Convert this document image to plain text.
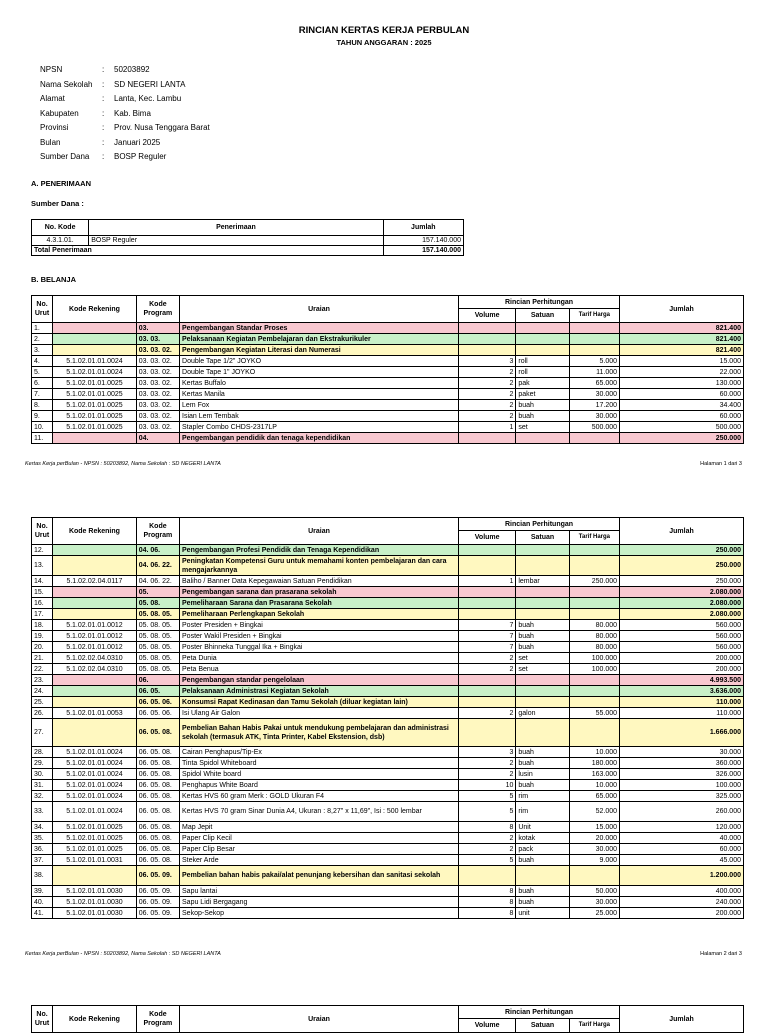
RINCIAN KERTAS KERJA PERBULAN
TAHUN ANGGARAN : 2025
NPSN	:	50203892
Nama Sekolah	:	SD NEGERI LANTA
Alamat	:	Lanta, Kec. Lambu
Kabupaten	:	Kab. Bima
Provinsi	:	Prov. Nusa Tenggara Barat
Bulan	:	Januari 2025
Sumber Dana	:	BOSP Reguler
A. PENERIMAAN
Sumber Dana :
No. Kode	Penerimaan	Jumlah
4.3.1.01.	BOSP Reguler	157.140.000
Total Penerimaan		157.140.000
B. BELANJA
No. Urut	Kode Rekening	Kode Program	Uraian	Rincian Perhitungan			Jumlah
				Volume	Satuan	Tarif Harga	
1.		03.	Pengembangan Standar Proses				821.400
2.		03. 03.	Pelaksanaan Kegiatan Pembelajaran dan Ekstrakurikuler				821.400
3.		03. 03. 02.	Pengembangan Kegiatan Literasi dan Numerasi				821.400
4.	5.1.02.01.01.0024	03. 03. 02.	Double Tape 1/2" JOYKO	3	roll	5.000	15.000
5.	5.1.02.01.01.0024	03. 03. 02.	Double Tape 1" JOYKO	2	roll	11.000	22.000
6.	5.1.02.01.01.0025	03. 03. 02.	Kertas Buffalo	2	pak	65.000	130.000
7.	5.1.02.01.01.0025	03. 03. 02.	Kertas Manila	2	paket	30.000	60.000
8.	5.1.02.01.01.0025	03. 03. 02.	Lem Fox	2	buah	17.200	34.400
9.	5.1.02.01.01.0025	03. 03. 02.	Isian Lem Tembak	2	buah	30.000	60.000
10.	5.1.02.01.01.0025	03. 03. 02.	Stapler Combo CHDS-2317LP	1	set	500.000	500.000
11.		04.	Pengembangan pendidik dan tenaga kependidikan				250.000
Kertas Kerja perBulan - NPSN : 50203892, Nama Sekolah : SD NEGERI LANTA	Halaman 1 dari 3
No. Urut	Kode Rekening	Kode Program	Uraian	Rincian Perhitungan			Jumlah
				Volume	Satuan	Tarif Harga	
12.		04. 06.	Pengembangan Profesi Pendidik dan Tenaga Kependidikan				250.000
13.		04. 06. 22.	Peningkatan Kompetensi Guru untuk memahami konten pembelajaran dan cara mengajarkannya				250.000
14.	5.1.02.02.04.0117	04. 06. 22.	Baliho / Banner Data Kepegawaian Satuan Pendidikan	1	lembar	250.000	250.000
15.		05.	Pengembangan sarana dan prasarana sekolah				2.080.000
16.		05. 08.	Pemeliharaan Sarana dan Prasarana Sekolah				2.080.000
17.		05. 08. 05.	Pemeliharaan Perlengkapan Sekolah				2.080.000
18.	5.1.02.01.01.0012	05. 08. 05.	Poster Presiden + Bingkai	7	buah	80.000	560.000
19.	5.1.02.01.01.0012	05. 08. 05.	Poster Wakil Presiden + Bingkai	7	buah	80.000	560.000
20.	5.1.02.01.01.0012	05. 08. 05.	Poster Bhinneka Tunggal Ika + Bingkai	7	buah	80.000	560.000
21.	5.1.02.02.04.0310	05. 08. 05.	Peta Dunia	2	set	100.000	200.000
22.	5.1.02.02.04.0310	05. 08. 05.	Peta Benua	2	set	100.000	200.000
23.		06.	Pengembangan standar pengelolaan				4.993.500
24.		06. 05.	Pelaksanaan Administrasi Kegiatan Sekolah				3.636.000
25.		06. 05. 06.	Konsumsi Rapat Kedinasan dan Tamu Sekolah (diluar kegiatan lain)				110.000
26.	5.1.02.01.01.0053	06. 05. 06.	Isi Ulang Air Galon	2	galon	55.000	110.000
27.		06. 05. 08.	Pembelian Bahan Habis Pakai untuk mendukung pembelajaran dan administrasi sekolah (termasuk ATK, Tinta Printer, Kabel Ekstension, dsb)				1.666.000
28.	5.1.02.01.01.0024	06. 05. 08.	Cairan Penghapus/Tip-Ex	3	buah	10.000	30.000
29.	5.1.02.01.01.0024	06. 05. 08.	Tinta Spidol Whiteboard	2	buah	180.000	360.000
30.	5.1.02.01.01.0024	06. 05. 08.	Spidol White board	2	lusin	163.000	326.000
31.	5.1.02.01.01.0024	06. 05. 08.	Penghapus White Board	10	buah	10.000	100.000
32.	5.1.02.01.01.0024	06. 05. 08.	Kertas HVS 60 gram Merk : GOLD Ukuran F4	5	rim	65.000	325.000
33.	5.1.02.01.01.0024	06. 05. 08.	Kertas HVS 70 gram Sinar Dunia A4, Ukuran : 8,27" x 11,69", Isi : 500 lembar	5	rim	52.000	260.000
34.	5.1.02.01.01.0025	06. 05. 08.	Map Jepit	8	Unit	15.000	120.000
35.	5.1.02.01.01.0025	06. 05. 08.	Paper Clip Kecil	2	kotak	20.000	40.000
36.	5.1.02.01.01.0025	06. 05. 08.	Paper Clip Besar	2	pack	30.000	60.000
37.	5.1.02.01.01.0031	06. 05. 08.	Steker Arde	5	buah	9.000	45.000
38.		06. 05. 09.	Pembelian bahan habis pakai/alat penunjang kebersihan dan sanitasi sekolah				1.200.000
39.	5.1.02.01.01.0030	06. 05. 09.	Sapu lantai	8	buah	50.000	400.000
40.	5.1.02.01.01.0030	06. 05. 09.	Sapu Lidi Bergagang	8	buah	30.000	240.000
41.	5.1.02.01.01.0030	06. 05. 09.	Sekop-Sekop	8	unit	25.000	200.000
Kertas Kerja perBulan - NPSN : 50203892, Nama Sekolah : SD NEGERI LANTA	Halaman 2 dari 3
No. Urut	Kode Rekening	Kode Program	Uraian	Rincian Perhitungan			Jumlah
				Volume	Satuan	Tarif Harga	
